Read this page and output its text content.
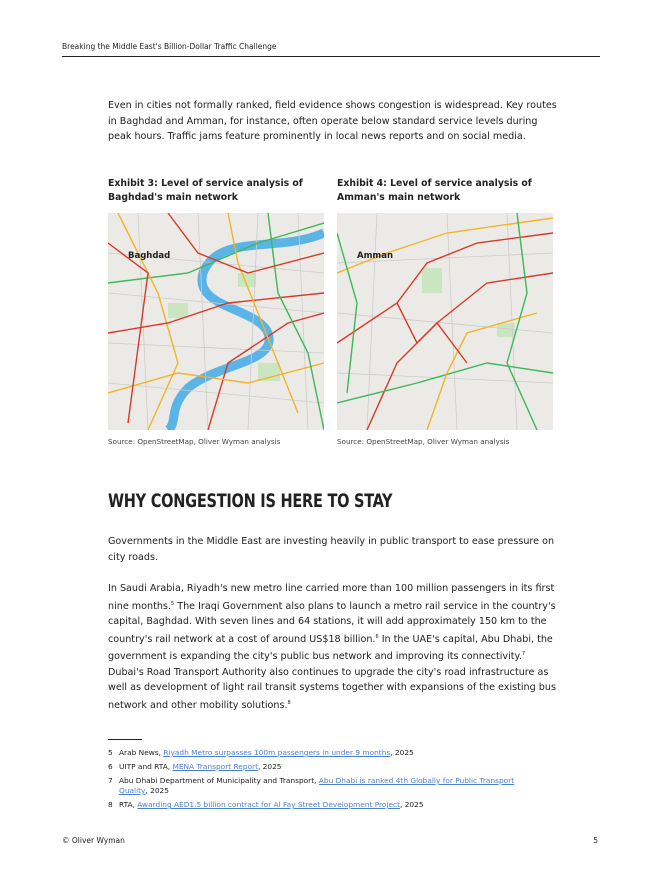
Breaking the Middle East's Billion-Dollar Traffic Challenge

Even in cities not formally ranked, field evidence shows congestion is widespread. Key routes in Baghdad and Amman, for instance, often operate below standard service levels during peak hours. Traffic jams feature prominently in local news reports and on social media.

Exhibit 3: Level of service analysis of Baghdad's main network
Exhibit 4: Level of service analysis of Amman's main network
Baghdad	Amman
Source: OpenStreetMap, Oliver Wyman analysis	Source: OpenStreetMap, Oliver Wyman analysis
WHY CONGESTION IS HERE TO STAY

Governments in the Middle East are investing heavily in public transport to ease pressure on city roads.

In Saudi Arabia, Riyadh's new metro line carried more than 100 million passengers in its first nine months.$^5$ The Iraqi Government also plans to launch a metro rail service in the country's capital, Baghdad. With seven lines and 64 stations, it will add approximately 150 km to the country's rail network at a cost of around US$18 billion.$^6$ In the UAE's capital, Abu Dhabi, the government is expanding the city's public bus network and improving its connectivity.$^7$ Dubai's Road Transport Authority also continues to upgrade the city's road infrastructure as well as development of light rail transit systems together with expansions of the existing bus network and other mobility solutions.$^8$

5 Arab News, Riyadh Metro surpasses 100m passengers in under 9 months, 2025
6 UITP and RTA, MENA Transport Report, 2025
7 Abu Dhabi Department of Municipality and Transport, Abu Dhabi is ranked 4th Globally for Public Transport Quality, 2025
8 RTA, Awarding AED1.5 billion contract for Al Fay Street Development Project, 2025
© Oliver Wyman	5
